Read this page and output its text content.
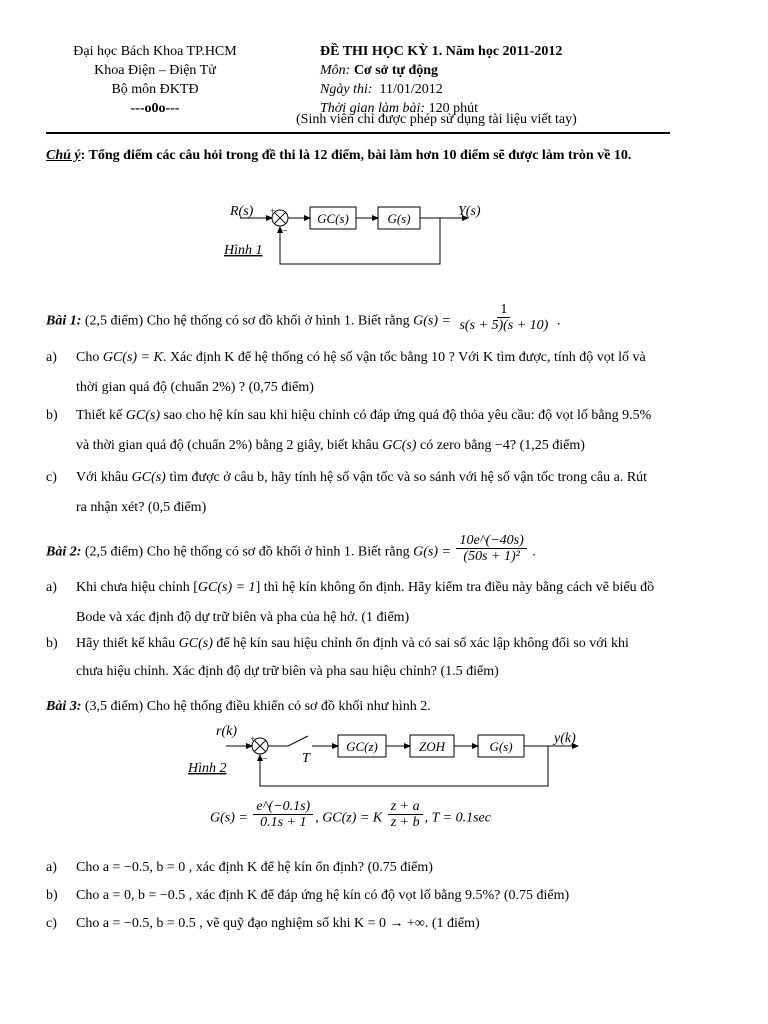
Đại học Bách Khoa TP.HCM
Khoa Điện – Điện Tử
Bộ môn ĐKTĐ
---o0o---
ĐỀ THI HỌC KỲ 1. Năm học 2011-2012
Môn: Cơ sở tự động
Ngày thi: 11/01/2012
Thời gian làm bài: 120 phút
(Sinh viên chỉ được phép sử dụng tài liệu viết tay)
Chú ý: Tổng điểm các câu hỏi trong đề thi là 12 điểm, bài làm hơn 10 điểm sẽ được làm tròn về 10.
R(s) +
−
GC(s)	G(s)	Y(s)
Hình 1
Bài 1: (2,5 điểm) Cho hệ thống có sơ đồ khối ở hình 1. Biết rằng $G(s) = \frac{1}{s(s + 5)(s + 10)}$ .
a) Cho GC(s) = K. Xác định K để hệ thống có hệ số vận tốc bằng 10 ? Với K tìm được, tính độ vọt lố và
thời gian quá độ (chuẩn 2%) ? (0,75 điểm)
b) Thiết kế GC(s) sao cho hệ kín sau khi hiệu chỉnh có đáp ứng quá độ thỏa yêu cầu: độ vọt lố bằng 9.5%
và thời gian quá độ (chuẩn 2%) bằng 2 giây, biết khâu GC(s) có zero bằng −4? (1,25 điểm)
c) Với khâu GC(s) tìm được ở câu b, hãy tính hệ số vận tốc và so sánh với hệ số vận tốc trong câu a. Rút
ra nhận xét? (0,5 điểm)
Bài 2: (2,5 điểm) Cho hệ thống có sơ đồ khối ở hình 1. Biết rằng $G(s) = \frac{10e\^{}(-40s)}{\text{(50s + 1)²}}$ .
a) Khi chưa hiệu chỉnh [GC(s) = 1] thì hệ kín không ổn định. Hãy kiểm tra điều này bằng cách vẽ biểu đồ
Bode và xác định độ dự trữ biên và pha của hệ hở. (1 điểm)
b) Hãy thiết kế khâu GC(s) để hệ kín sau hiệu chỉnh ổn định và có sai số xác lập không đổi so với khi
chưa hiệu chỉnh. Xác định độ dự trữ biên và pha sau hiệu chỉnh? (1.5 điểm)
Bài 3: (3,5 điểm) Cho hệ thống điều khiển có sơ đồ khối như hình 2.
r(k) +
− T
GC(z)	ZOH	G(s)
y(k)
Hình 2
$G(s) = \frac{e\^{}(-0.1s)}{0.1s + 1}$ , GC(z) = K $\frac{z + a}{z + b}$ , T = 0.1sec
a) Cho a = −0.5, b = 0 , xác định K để hệ kín ổn định? (0.75 điểm)
b) Cho a = 0, b = −0.5 , xác định K để đáp ứng hệ kín có độ vọt lố bằng 9.5%? (0.75 điểm)
c) Cho a = −0.5, b = 0.5 , vẽ quỹ đạo nghiệm số khi K = 0 → +∞. (1 điểm)
